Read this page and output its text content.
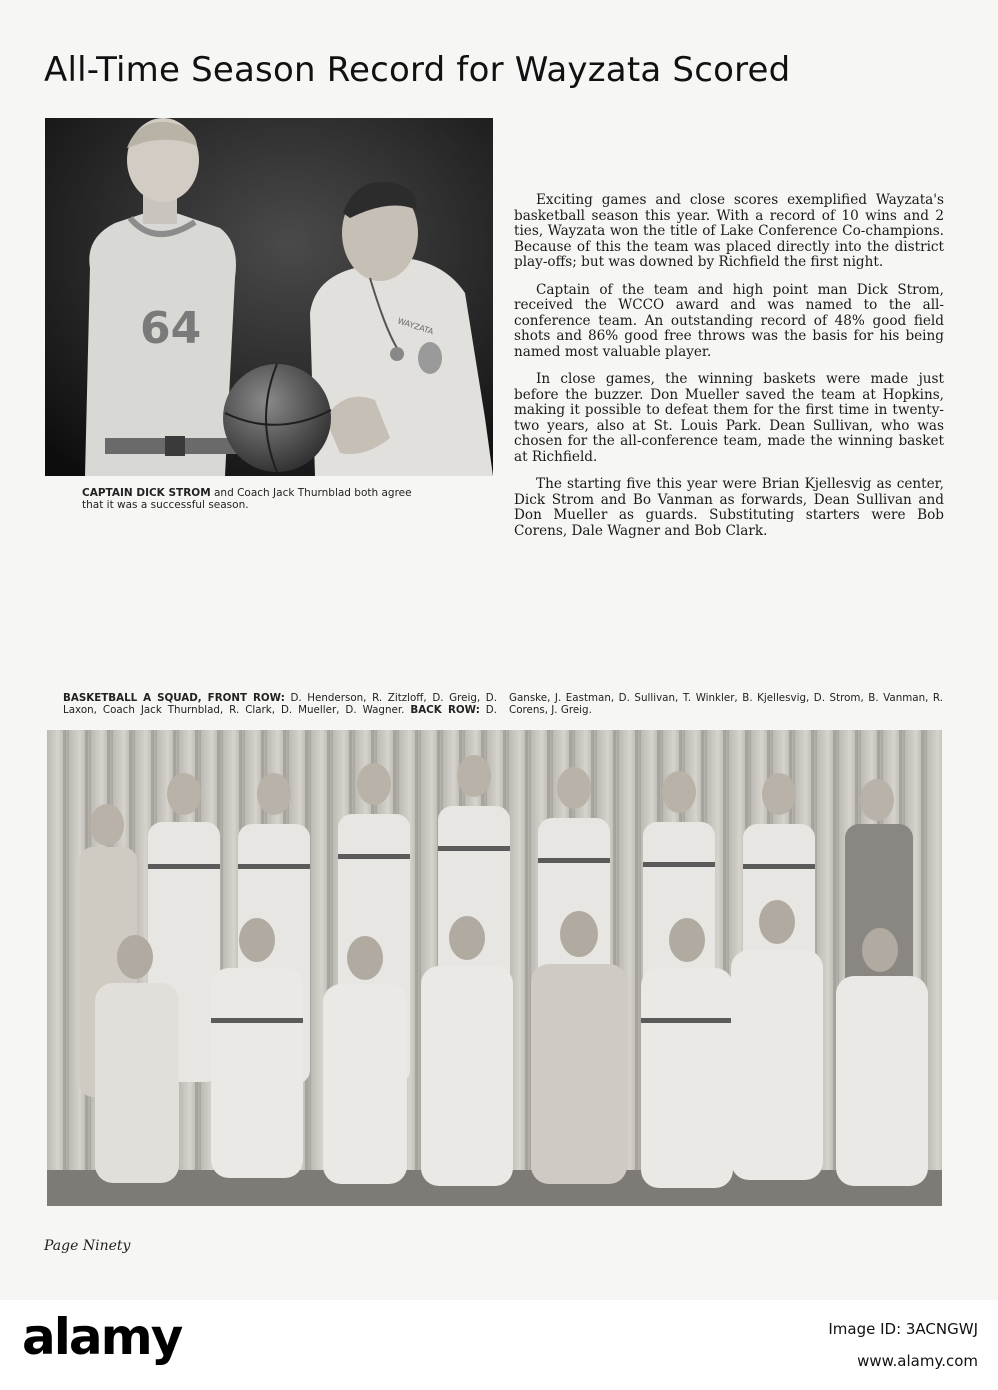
All-Time Season Record for Wayzata Scored
64	WAYZATA
CAPTAIN DICK STROM and Coach Jack Thurnblad both agree
that it was a successful season.

Exciting games and close scores exemplified Wayzata's basketball season this year. With a record of 10 wins and 2 ties, Wayzata won the title of Lake Conference Co-champions. Because of this the team was placed directly into the district play-offs; but was downed by Richfield the first night.

Captain of the team and high point man Dick Strom, received the WCCO award and was named to the all-conference team. An outstanding record of 48% good field shots and 86% good free throws was the basis for his being named most valuable player.

In close games, the winning baskets were made just before the buzzer. Don Mueller saved the team at Hopkins, making it possible to defeat them for the first time in twenty-two years, also at St. Louis Park. Dean Sullivan, who was chosen for the all-conference team, made the winning basket at Richfield.

The starting five this year were Brian Kjellesvig as center, Dick Strom and Bo Vanman as forwards, Dean Sullivan and Don Mueller as guards. Substituting starters were Bob Corens, Dale Wagner and Bob Clark.

BASKETBALL A SQUAD, FRONT ROW: D. Henderson, R. Zitzloff, D. Greig, D. Laxon, Coach Jack Thurnblad, R. Clark, D. Mueller, D. Wagner. BACK ROW: D. Ganske, J. Eastman, D. Sullivan, T. Winkler, B. Kjellesvig, D. Strom, B. Vanman, R. Corens, J. Greig.
Page Ninety
alamy	Image ID: 3ACNGWJ
www.alamy.com
